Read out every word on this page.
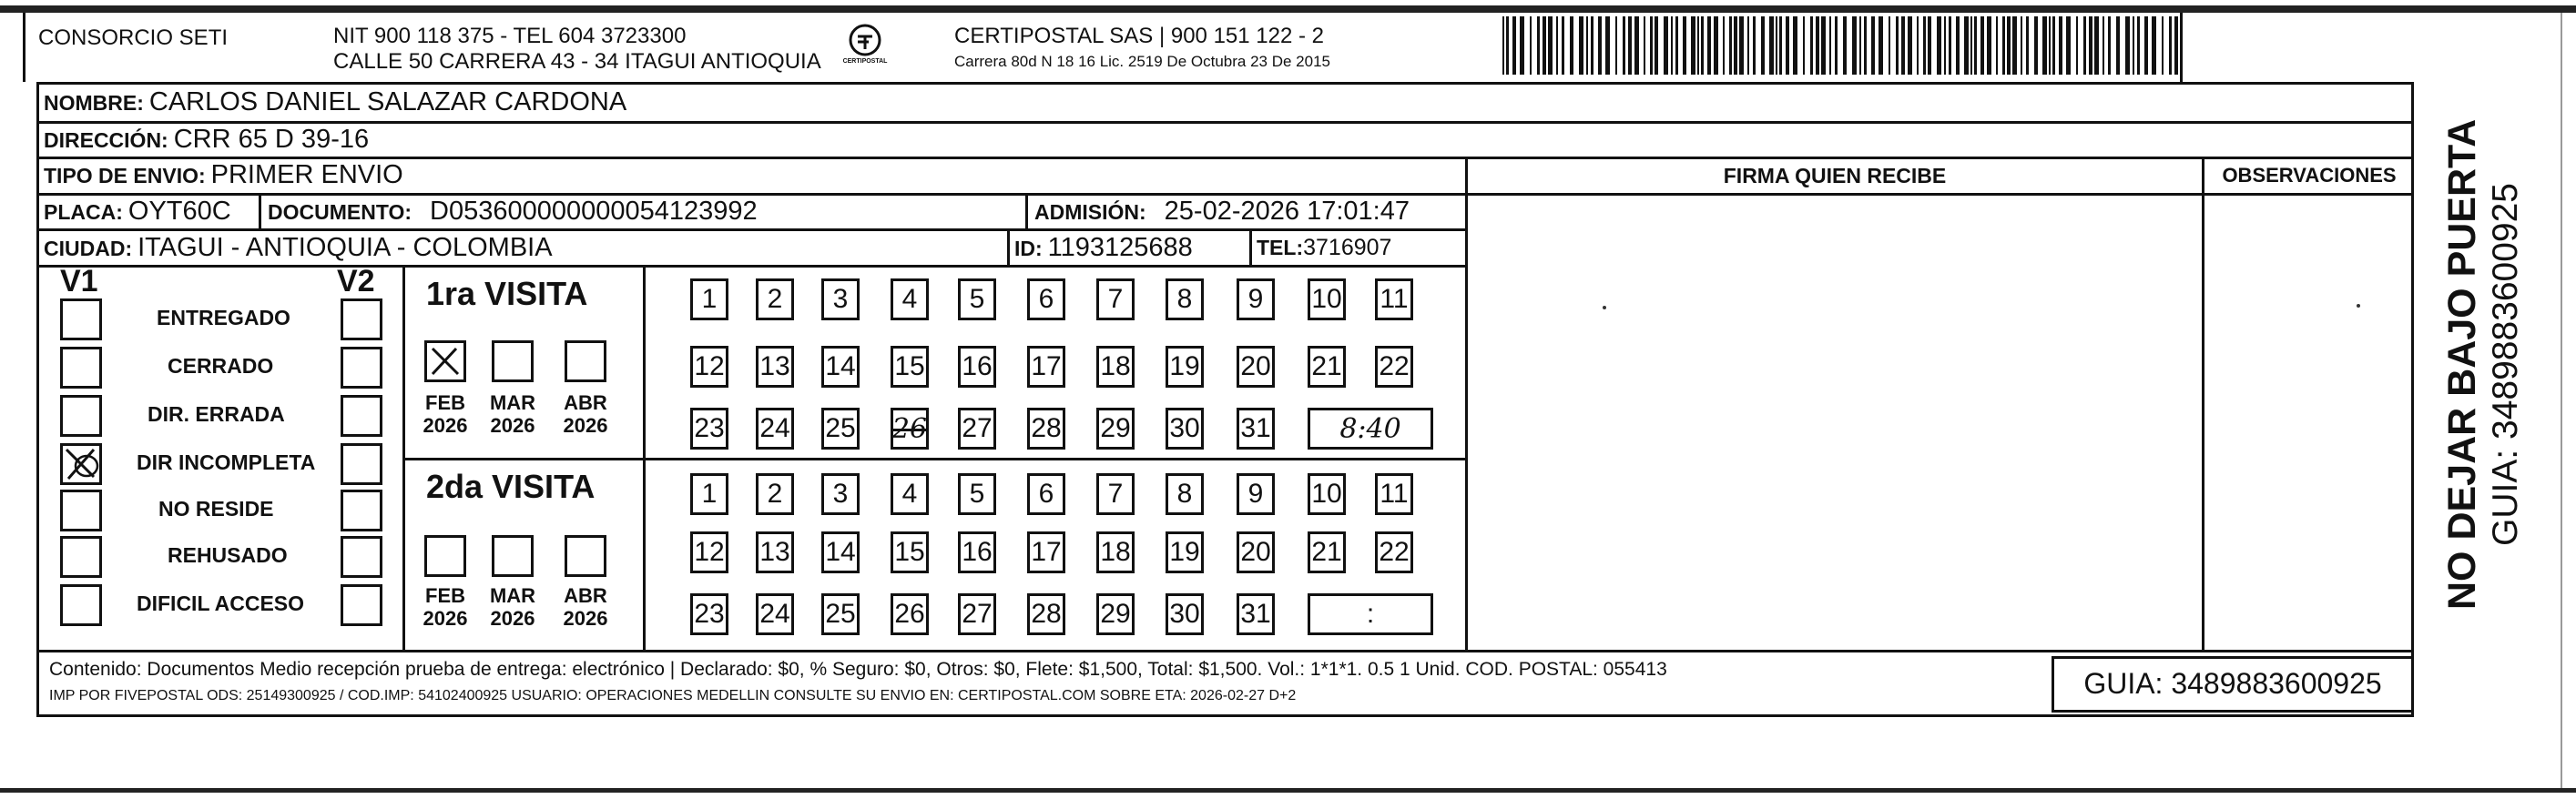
CONSORCIO SETI	NIT 900 118 375 - TEL 604 3723300
CALLE 50 CARRERA 43 - 34 ITAGUI ANTIOQUIA	CERTIPOSTAL
CERTIPOSTAL SAS | 900 151 122 - 2
Carrera 80d N 18 16 Lic. 2519 De Octubra 23 De 2015
NOMBRE: CARLOS DANIEL SALAZAR CARDONA
DIRECCIÓN: CRR 65 D 39-16
TIPO DE ENVIO: PRIMER ENVIO	FIRMA QUIEN RECIBE	OBSERVACIONES
PLACA: OYT60C DOCUMENTO: D053600000000054123992	ADMISIÓN: 25-02-2026 17:01:47
CIUDAD: ITAGUI - ANTIOQUIA - COLOMBIA	ID: 1193125688	TEL: 3716907
V1	V2
ENTREGADO
CERRADO
DIR. ERRADA
DIR INCOMPLETA
NO RESIDE
REHUSADO
DIFICIL ACCESO
1ra VISITA
2da VISITA
FEB
2026
MAR
2026
ABR
2026
1 2 3 4 5 6 7 8 9 10 11
12 13 14 15 16 17 18 19 20 21 22
23 24 25 26 27 28 29 30 31	8:40
FEB
2026
MAR
2026
ABR
2026
1 2 3 4 5 6 7 8 9 10 11
12 13 14 15 16 17 18 19 20 21 22
23 24 25 26 27 28 29 30 31	:
Contenido: Documentos Medio recepción prueba de entrega: electrónico | Declarado: $0, % Seguro: $0, Otros: $0, Flete: $1,500, Total: $1,500. Vol.: 1*1*1. 0.5 1 Unid. COD. POSTAL: 055413
IMP POR FIVEPOSTAL ODS: 25149300925 / COD.IMP: 54102400925 USUARIO: OPERACIONES MEDELLIN CONSULTE SU ENVIO EN: CERTIPOSTAL.COM SOBRE ETA: 2026-02-27 D+2	GUIA: 3489883600925
NO DEJAR BAJO PUERTA GUIA: 3489883600925
